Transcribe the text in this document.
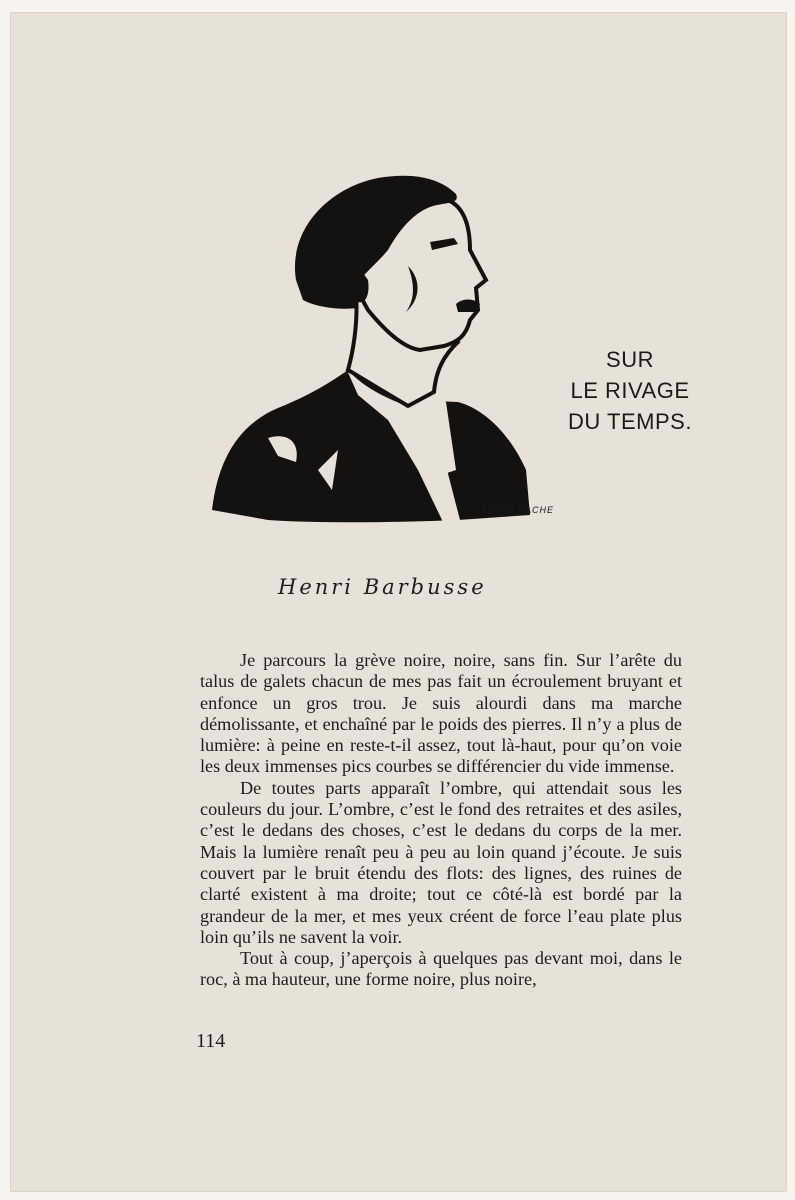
LOUIS HACHE
SUR
LE RIVAGE
DU TEMPS.
Henri Barbusse

Je parcours la grève noire, noire, sans fin. Sur l’arête du talus de galets chacun de mes pas fait un écroulement bruyant et enfonce un gros trou. Je suis alourdi dans ma marche démolissante, et enchaîné par le poids des pierres. Il n’y a plus de lumière: à peine en reste-t-il assez, tout là-haut, pour qu’on voie les deux immenses pics courbes se différencier du vide immense.

De toutes parts apparaît l’ombre, qui attendait sous les couleurs du jour. L’ombre, c’est le fond des retraites et des asiles, c’est le dedans des choses, c’est le dedans du corps de la mer. Mais la lumière renaît peu à peu au loin quand j’écoute. Je suis couvert par le bruit étendu des flots: des lignes, des ruines de clarté existent à ma droite; tout ce côté-là est bordé par la grandeur de la mer, et mes yeux créent de force l’eau plate plus loin qu’ils ne savent la voir.

Tout à coup, j’aperçois à quelques pas devant moi, dans le roc, à ma hauteur, une forme noire, plus noire,

114
